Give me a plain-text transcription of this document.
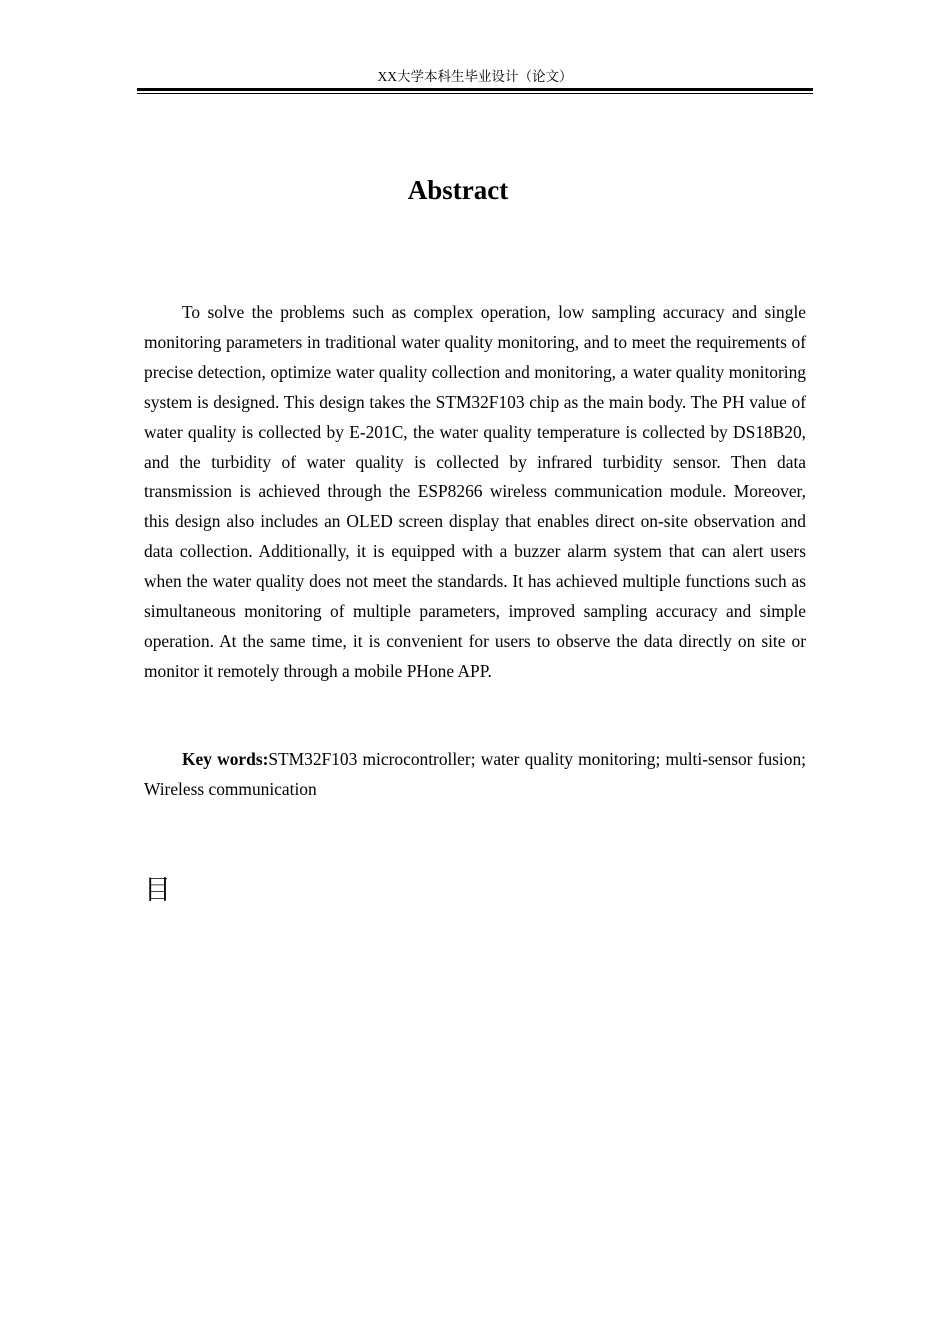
XX大学本科生毕业设计（论文）
Abstract

To solve the problems such as complex operation, low sampling accuracy and single monitoring parameters in traditional water quality monitoring, and to meet the requirements of precise detection, optimize water quality collection and monitoring, a water quality monitoring system is designed. This design takes the STM32F103 chip as the main body. The PH value of water quality is collected by E-201C, the water quality temperature is collected by DS18B20, and the turbidity of water quality is collected by infrared turbidity sensor. Then data transmission is achieved through the ESP8266 wireless communication module. Moreover, this design also includes an OLED screen display that enables direct on-site observation and data collection. Additionally, it is equipped with a buzzer alarm system that can alert users when the water quality does not meet the standards. It has achieved multiple functions such as simultaneous monitoring of multiple parameters, improved sampling accuracy and simple operation. At the same time, it is convenient for users to observe the data directly on site or monitor it remotely through a mobile PHone APP.

Key words:STM32F103 microcontroller; water quality monitoring; multi-sensor fusion; Wireless communication

目
